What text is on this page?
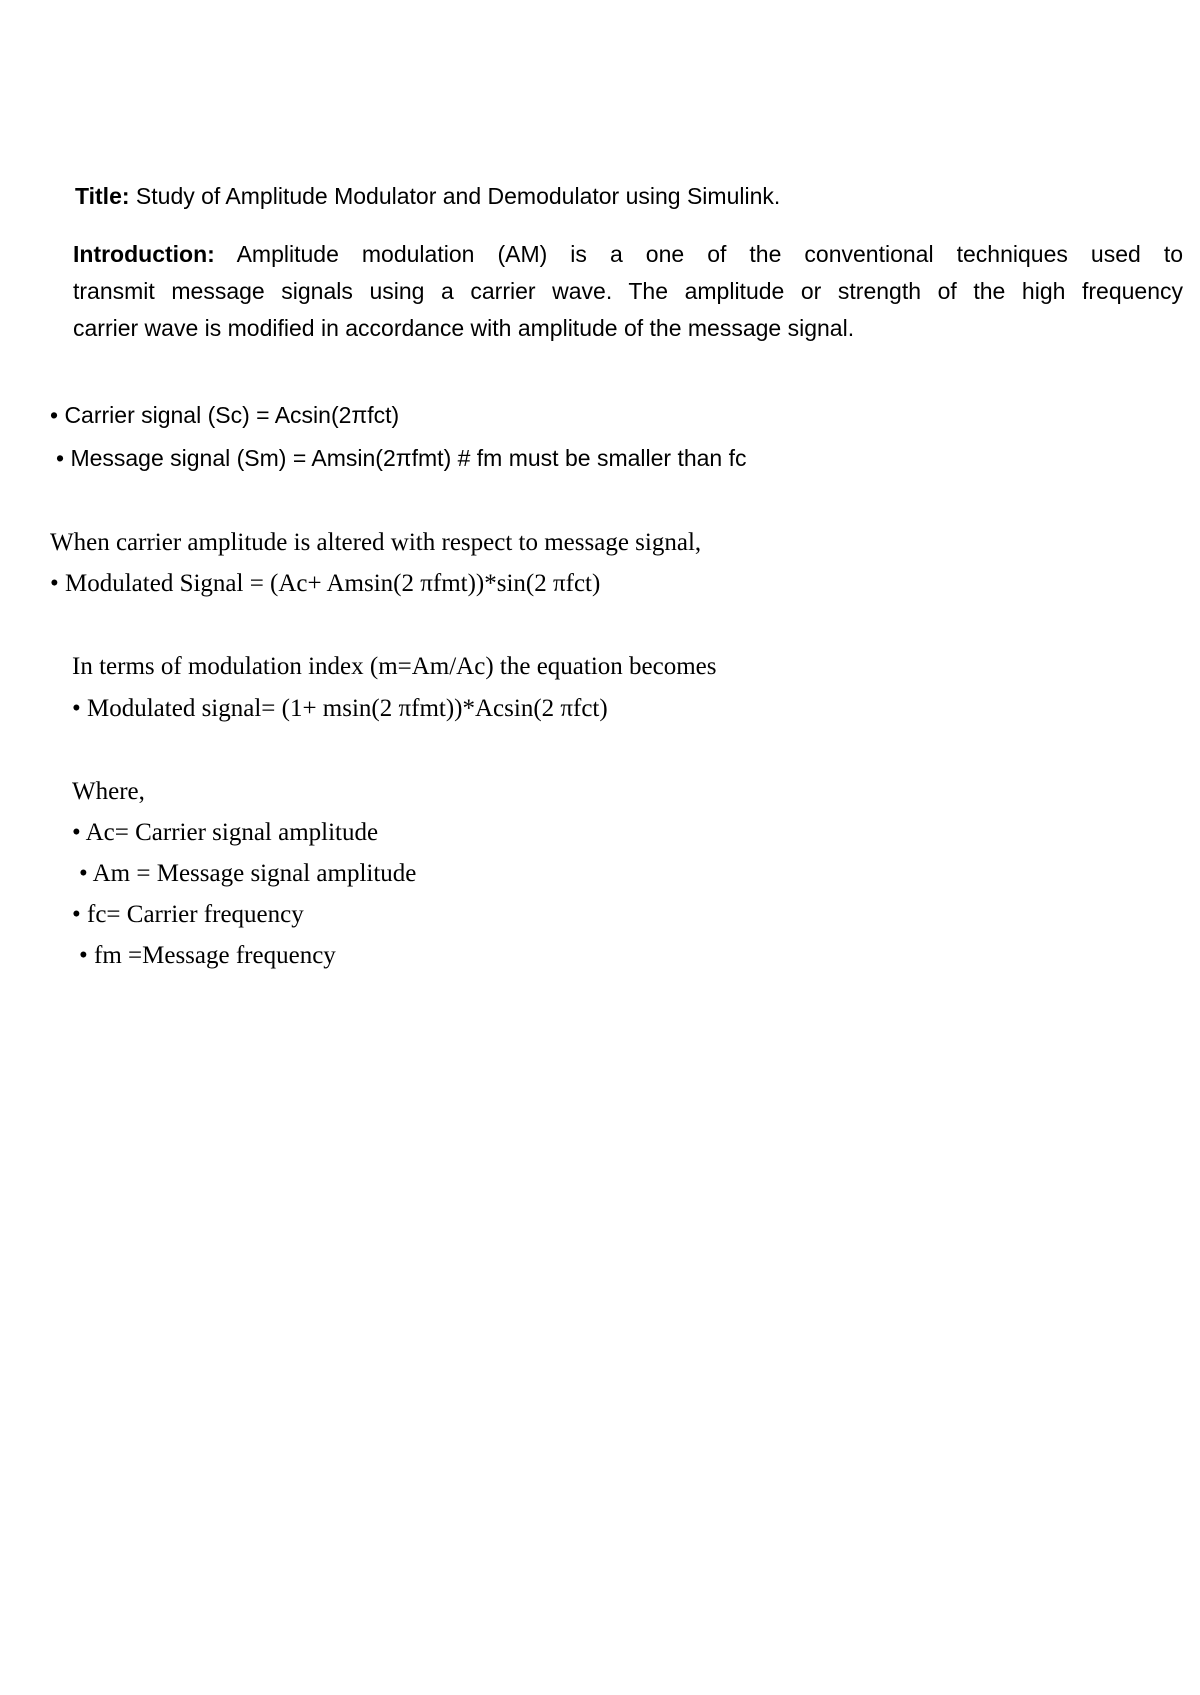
Title: Study of Amplitude Modulator and Demodulator using Simulink.
Introduction: Amplitude modulation (AM) is a one of the conventional techniques used to
transmit message signals using a carrier wave. The amplitude or strength of the high frequency
carrier wave is modified in accordance with amplitude of the message signal.
• Carrier signal (Sc) = Acsin(2πfct)
• Message signal (Sm) = Amsin(2πfmt) # fm must be smaller than fc
When carrier amplitude is altered with respect to message signal,
• Modulated Signal = (Ac+ Amsin(2 πfmt))*sin(2 πfct)
In terms of modulation index (m=Am/Ac) the equation becomes
• Modulated signal= (1+ msin(2 πfmt))*Acsin(2 πfct)
Where,
• Ac= Carrier signal amplitude
• Am = Message signal amplitude
• fc= Carrier frequency
• fm =Message frequency
